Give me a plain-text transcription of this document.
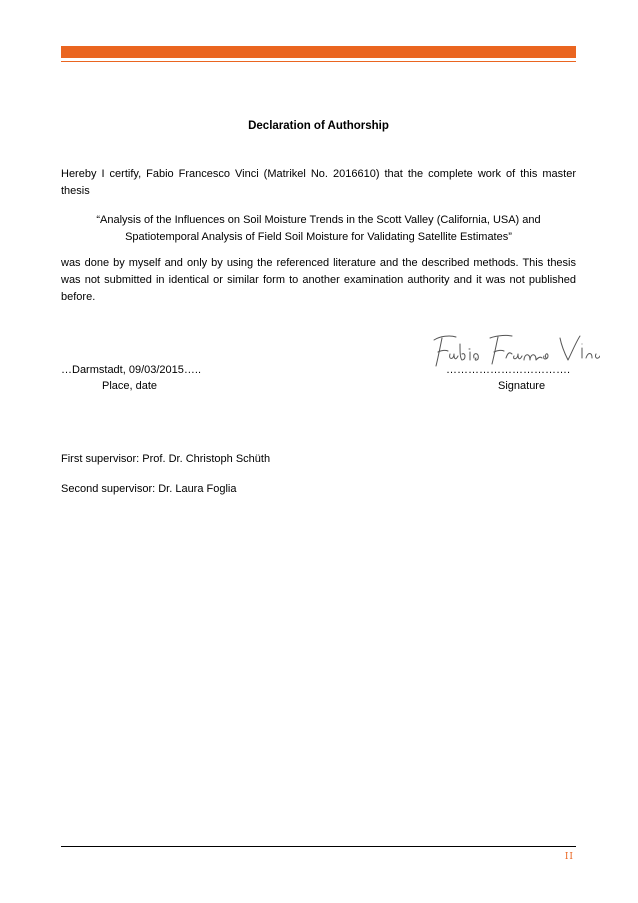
Declaration of Authorship
Hereby I certify, Fabio Francesco Vinci (Matrikel No. 2016610) that the complete work of this master thesis
“Analysis of the Influences on Soil Moisture Trends in the Scott Valley (California, USA) and
Spatiotemporal Analysis of Field Soil Moisture for Validating Satellite Estimates”
was done by myself and only by using the referenced literature and the described methods. This thesis was not submitted in identical or similar form to another examination authority and it was not published before.
…Darmstadt, 09/03/2015…..
Place, date
…………………………….
Signature
First supervisor: Prof. Dr. Christoph Schüth
Second supervisor: Dr. Laura Foglia
II
